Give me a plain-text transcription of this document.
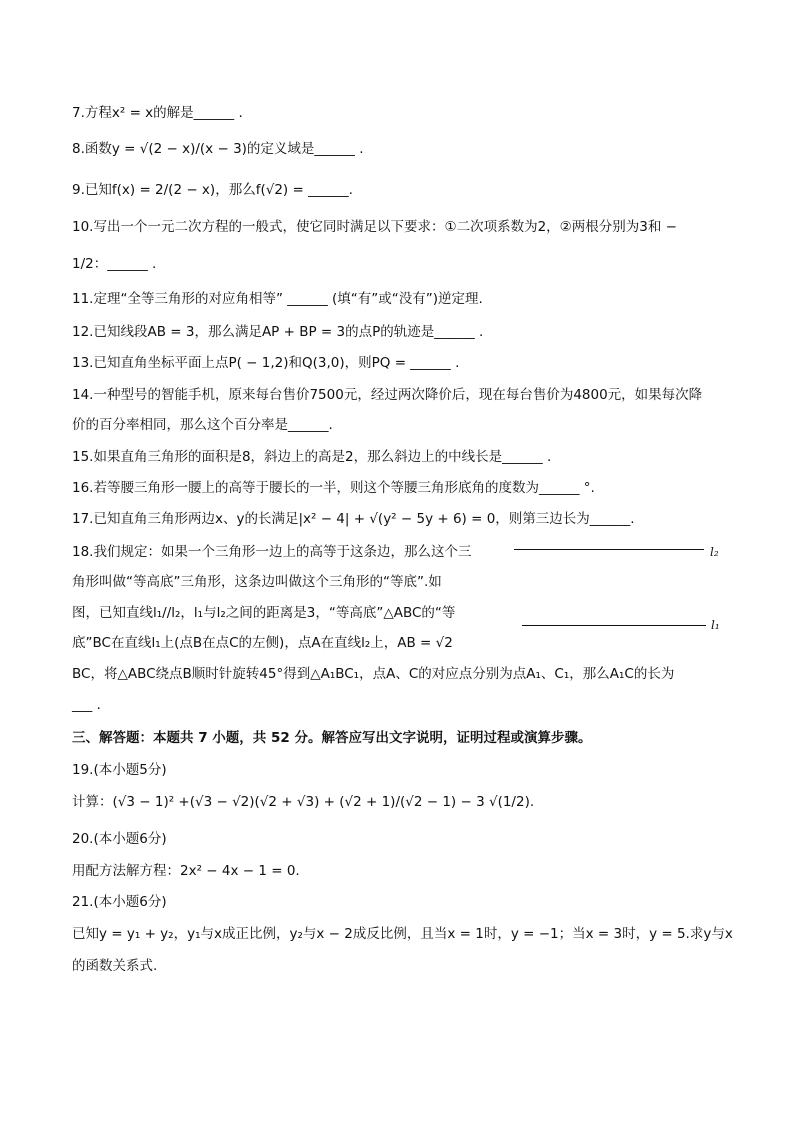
7.方程x² = x的解是______ .
8.函数y = √(2 − x)/(x − 3)的定义域是______ .
9.已知f(x) = 2/(2 − x)，那么f(√2) = ______.
10.写出一个一元二次方程的一般式，使它同时满足以下要求：①二次项系数为2，②两根分别为3和 −
1/2：______ .
11.定理“全等三角形的对应角相等” ______ (填“有”或“没有”)逆定理.
12.已知线段AB = 3，那么满足AP + BP = 3的点P的轨迹是______ .
13.已知直角坐标平面上点P( − 1,2)和Q(3,0)，则PQ = ______ .
14.一种型号的智能手机，原来每台售价7500元，经过两次降价后，现在每台售价为4800元，如果每次降
价的百分率相同，那么这个百分率是______.
15.如果直角三角形的面积是8，斜边上的高是2，那么斜边上的中线长是______ .
16.若等腰三角形一腰上的高等于腰长的一半，则这个等腰三角形底角的度数为______ °.
17.已知直角三角形两边x、y的长满足|x² − 4| + √(y² − 5y + 6) = 0，则第三边长为______.
18.我们规定：如果一个三角形一边上的高等于这条边，那么这个三
角形叫做“等高底”三角形，这条边叫做这个三角形的“等底”.如
图，已知直线l₁//l₂，l₁与l₂之间的距离是3，“等高底”△ABC的“等
底”BC在直线l₁上(点B在点C的左侧)，点A在直线l₂上，AB = √2
BC，将△ABC绕点B顺时针旋转45°得到△A₁BC₁，点A、C的对应点分别为点A₁、C₁，那么A₁C的长为
___ .
l₂
l₁
三、解答题：本题共 7 小题，共 52 分。解答应写出文字说明，证明过程或演算步骤。
19.(本小题5分)
计算：(√3 − 1)² +(√3 − √2)(√2 + √3) + (√2 + 1)/(√2 − 1) − 3 √(1/2).
20.(本小题6分)
用配方法解方程：2x² − 4x − 1 = 0.
21.(本小题6分)
已知y = y₁ + y₂，y₁与x成正比例，y₂与x − 2成反比例，且当x = 1时，y = −1；当x = 3时，y = 5.求y与x
的函数关系式.
